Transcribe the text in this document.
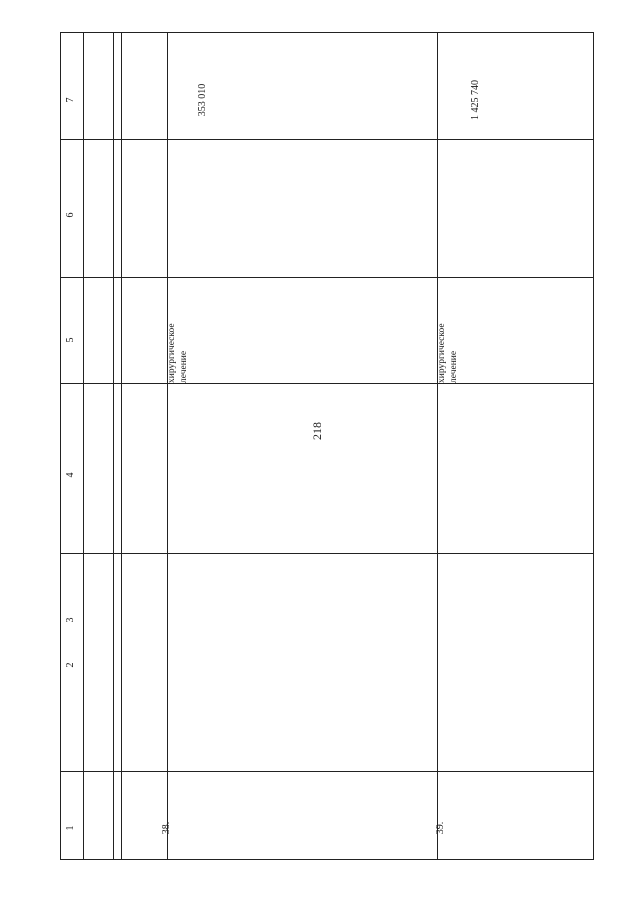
218
1
2
3
4
5
6
7
38.
хирургическое
лечение
353 010
39.
хирургическое
лечение
1 425 740
